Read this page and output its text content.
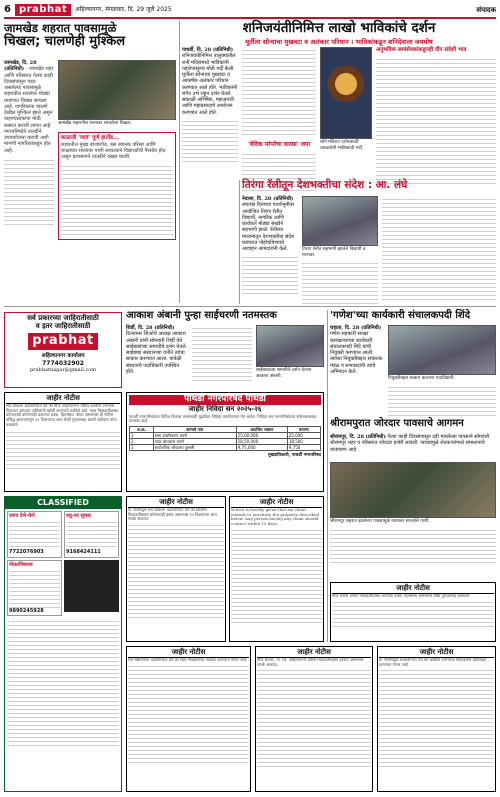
6 prabhat	अहिल्यानगर, मंगळवार, दि. 29 जुलै 2025	संपादक
जामखेड शहरात पावसामुळे
चिखल; चालणेही मुश्किल
जामखेड, दि. 28 (प्रतिनिधी) - जामखेड शहर आणि परिसरात गेल्या काही दिवसांपासून पडत असलेल्या पावसामुळे शहरातील रस्त्यांवर मोठ्या प्रमाणात चिखल साचला आहे. नागरिकांना चालणे देखील मुश्किल झाले असून वाहनचालकांना मोठी कसरत करावी लागत आहे. नगरपरिषदेने तातडीने उपाययोजना करावी अशी मागणी नागरिकांकडून होत आहे.
जामखेड शहरातील रस्त्यावर साचलेला चिखल.
काळजी 'जावं' पूर्ण हातोंड...
शहरातील मुख्य बाजारपेठ, बस स्थानक परिसर आणि शाळांच्या रस्त्यावर पाणी साचल्याने विद्यार्थ्यांची गैरसोय होत असून प्रशासनाने तातडीने दखल घ्यावी.
शनिजयंतीनिमित्त लाखो भाविकांचे दर्शन
मूर्तीला सोन्याचा मुखवटा व अलंकार परिधान । भाविकांकडून शनिदेवाला जयघोष
पाथर्डी, दि. 28 (प्रतिनिधी) शनिजयंतीनिमित्त तालुक्यातील शनी मंदिरांमध्ये भाविकांनी पहाटेपासूनच मोठी गर्दी केली. मूर्तीला सोन्याचा मुखवटा व आकर्षक अलंकार परिधान करण्यात आले होते. भाविकांनी रांगेत उभे राहून दर्शन घेतले. सकाळी अभिषेक, महाआरती आणि महाप्रसादाचे आयोजन करण्यात आले होते.
'वेदिक परंपरेचा वारसा' जपा	शनि मंदिरात दर्शनासाठी उसळलेली भाविकांची गर्दी.
अनुभविक स्वयंसेवकांकडूनही दीप संदेशी भाव
तिरंगा रॅलीतून देशभक्तीचा संदेश : आ. लंघे
नेवासा, दि. 28 (प्रतिनिधी) स्वातंत्र्य दिनाच्या पार्श्वभूमीवर आयोजित तिरंगा रॅलीत विद्यार्थी, नागरिक आणि कार्यकर्ते मोठ्या संख्येने सहभागी झाले. रॅलीच्या माध्यमातून देशभक्तीचा संदेश घराघरात पोहोचविण्याचे आवाहन आमदारांनी केले.	तिरंगा रॅलीत सहभागी झालेले विद्यार्थी व मान्यवर.
सर्व प्रकारच्या जाहिरातीसाठी
व इतर जाहिरातीसाठी
prabhat
अहिल्यानगर कार्यालय
7774032902
prabhatnagar@gmail.com
जाहीर नोटीस
सर्व लोकांना कळविण्यात येते की मौजे अहिल्यानगर येथील खालील वर्णनाची मिळकत आमच्या अशिलांनी खरेदी करण्याचे ठरविले आहे. सदर मिळकतीबाबत कोणाचाही कोणत्याही प्रकारचा हक्क, हितसंबंध, बोजा असल्यास ही नोटीस प्रसिद्ध झाल्यापासून १५ दिवसांच्या आत लेखी पुराव्यासह खाली सहीकार यांना कळवावे.
CLASSIFIED
जागा देणे-घेणे
7722076903
वधू-वर सूचक
9168424111
नोकरविषयक
9890245928
आकाश अंबानी पुन्हा साईचरणी नतमस्तक
शिर्डी, दि. 28 (प्रतिनिधी) रिलायन्स जिओचे अध्यक्ष आकाश अंबानी यांनी सोमवारी शिर्डी येथे साईबाबांच्या समाधीचे दर्शन घेतले. साईबाबा संस्थानच्या वतीने त्यांचा सत्कार करण्यात आला. यावेळी संस्थानचे पदाधिकारी उपस्थित होते.	साईबाबांच्या समाधीचे दर्शन घेताना आकाश अंबानी.
'गणेश'च्या कार्यकारी संचालकपदी शिंदे
राहाता, दि. 28 (प्रतिनिधी) गणेश सहकारी साखर कारखान्याच्या कार्यकारी संचालकपदी शिंदे यांची नियुक्ती करण्यात आली. त्यांच्या नियुक्तीबद्दल संचालक मंडळ व सभासदांनी त्यांचे अभिनंदन केले.
नियुक्तीबद्दल सत्कार करताना पदाधिकारी.
पाथर्डी नगरपरिषद पाथर्डी
जाहीर निविदा सन २०२५-२६
पाथर्डी नगरपरिषदेच्या विविध विकास कामांसाठी मुद्रांकित निविदा मागविण्यात येत आहेत. निविदा संच नगरपरिषदेच्या संकेतस्थळावर उपलब्ध आहे.
अ.क्र.	कामाचे नाव	अंदाजित रक्कम	बयाणा
1	रस्ता डांबरीकरण करणे	25,00,000	25,000
2	गटार बांधकाम करणे	18,50,000	18,500
3	सार्वजनिक शौचालय दुरुस्ती	9,75,000	9,750
मुख्याधिकारी, पाथर्डी नगरपरिषद
श्रीरामपुरात जोरदार पावसाचे आगमन
श्रीरामपूर, दि. 28 (प्रतिनिधी) गेल्या काही दिवसांपासून दडी मारलेल्या पावसाने सोमवारी श्रीरामपूर शहर व परिसरात जोरदार हजेरी लावली. पावसामुळे शेतकऱ्यांमध्ये समाधानाचे वातावरण आहे.
श्रीरामपूर शहरात झालेल्या पावसामुळे रस्त्यावर साचलेले पाणी.
जाहीर नोटीस
या नोटीसद्वारे सर्व लोकांना कळविण्यात येते की खालील मिळकतीबाबत कोणाचाही हक्क असल्यास १५ दिवसांच्या आत संपर्क साधावा.
जाहीर नोटीस
Notice is hereby given that my client intends to purchase the property described below. Any person having any claim should contact within 15 days.
जाहीर नोटीस
मौजे येथील जमीन मिळकतीबाबत कोणाचा हक्क, हितसंबंध असल्यास लेखी पुराव्यासह कळवावे.
जाहीर नोटीस
सर्व संबंधितांना कळविण्यात येते की सदर मिळकतीचा व्यवहार करण्यात येणार आहे.
जाहीर नोटीस
मौजे सावेडी, ता. जि. अहिल्यानगर येथील मिळकतीबाबत हरकत असल्यास संपर्क साधावा.
जाहीर नोटीस
या नोटीसीद्वारे कळविण्यात येते की खालील वर्णनाच्या मिळकतीचे खरेदीखत करण्यात येणार आहे.
